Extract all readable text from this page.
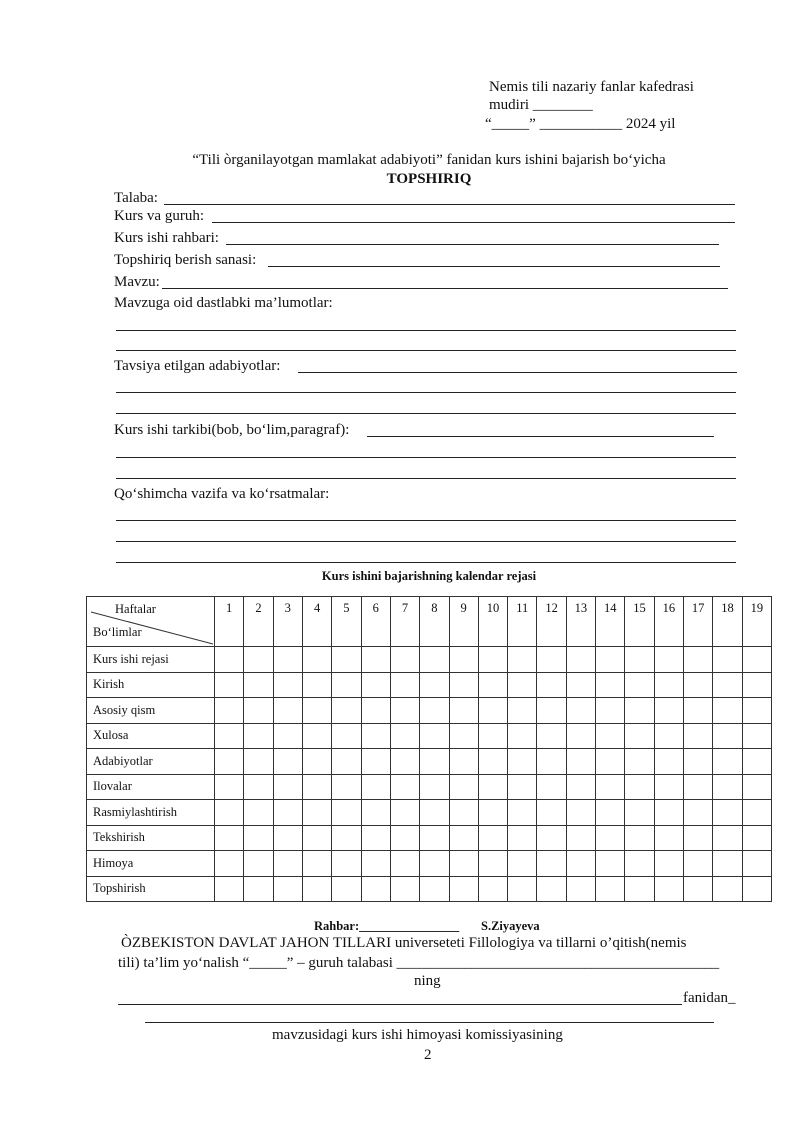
Nemis tili nazariy fanlar kafedrasi
mudiri ________
“_____” ___________ 2024 yil
“Tili òrganilayotgan mamlakat adabiyoti” fanidan kurs ishini bajarish bo‘yicha
TOPSHIRIQ
Talaba:
Kurs va guruh:
Kurs ishi rahbari:
Topshiriq berish sanasi:
Mavzu:
Mavzuga oid dastlabki ma’lumotlar:
Tavsiya etilgan adabiyotlar:
Kurs ishi tarkibi(bob, bo‘lim,paragraf):
Qo‘shimcha vazifa va ko‘rsatmalar:
Kurs ishini bajarishning kalendar rejasi
Haftalar
Bo‘limlar	1	2	3	4	5	6	7	8	9	10	11	12	13	14	15	16	17	18	19
Kurs ishi rejasi																			
Kirish																			
Asosiy qism																			
Xulosa																			
Adabiyotlar																			
Ilovalar																			
Rasmiylashtirish																			
Tekshirish																			
Himoya																			
Topshirish																			
Rahbar:________________ S.Ziyayeva
ÒZBEKISTON DAVLAT JAHON TILLARI universeteti Fillologiya va tillarni o’qitish(nemis
tili) ta’lim yo‘nalish “_____” – guruh talabasi ___________________________________________
ning
fanidan_
mavzusidagi kurs ishi himoyasi komissiyasining
2
